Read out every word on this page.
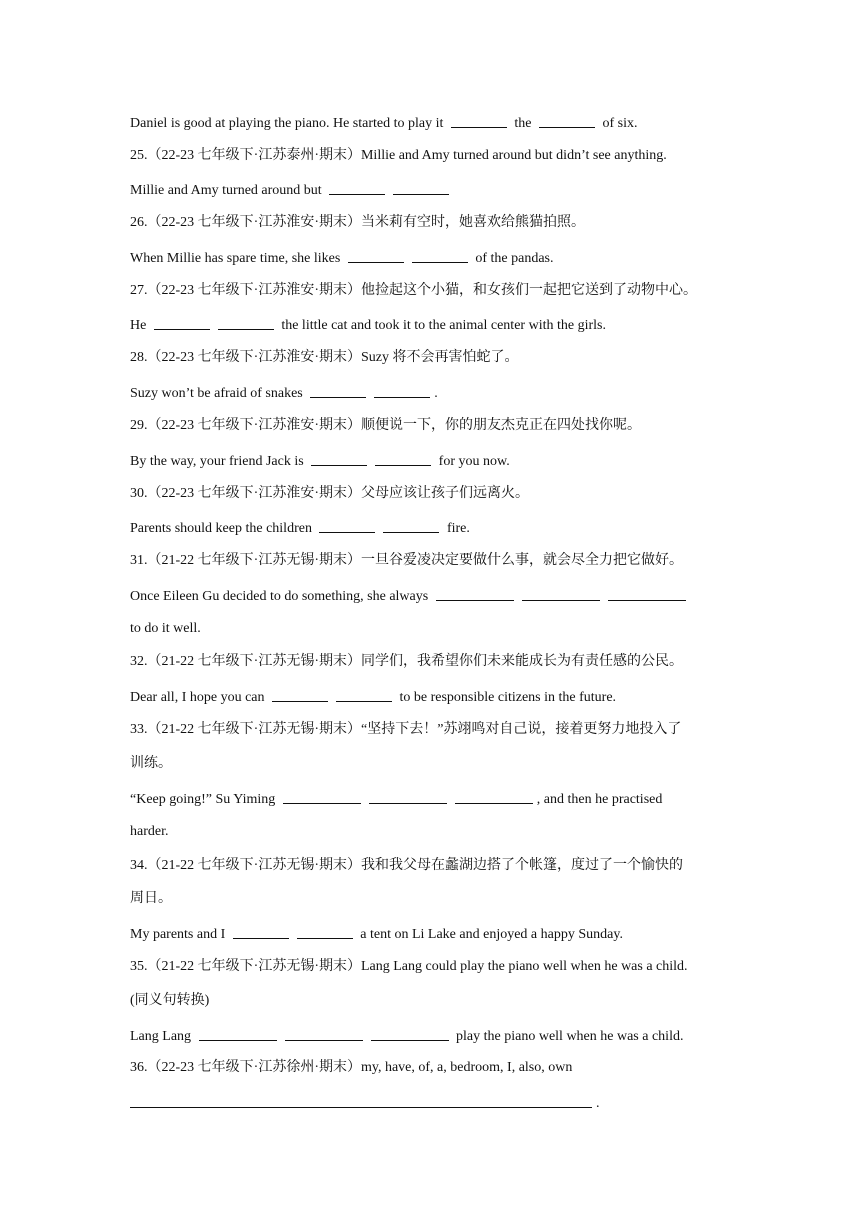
Daniel is good at playing the piano. He started to play it	the	of six.
25.（22-23 七年级下·江苏泰州·期末）Millie and Amy turned around but didn’t see anything.
Millie and Amy turned around but
26.（22-23 七年级下·江苏淮安·期末）当米莉有空时，她喜欢给熊猫拍照。
When Millie has spare time, she likes	of the pandas.
27.（22-23 七年级下·江苏淮安·期末）他捡起这个小猫，和女孩们一起把它送到了动物中心。
He	the little cat and took it to the animal center with the girls.
28.（22-23 七年级下·江苏淮安·期末）Suzy 将不会再害怕蛇了。
Suzy won’t be afraid of snakes	.
29.（22-23 七年级下·江苏淮安·期末）顺便说一下，你的朋友杰克正在四处找你呢。
By the way, your friend Jack is	for you now.
30.（22-23 七年级下·江苏淮安·期末）父母应该让孩子们远离火。
Parents should keep the children	fire.
31.（21-22 七年级下·江苏无锡·期末）一旦谷爱凌决定要做什么事，就会尽全力把它做好。
Once Eileen Gu decided to do something, she always
to do it well.
32.（21-22 七年级下·江苏无锡·期末）同学们，我希望你们未来能成长为有责任感的公民。
Dear all, I hope you can	to be responsible citizens in the future.
33.（21-22 七年级下·江苏无锡·期末）“坚持下去！”苏翊鸣对自己说，接着更努力地投入了
训练。
“Keep going!” Su Yiming	, and then he practised
harder.
34.（21-22 七年级下·江苏无锡·期末）我和我父母在蠡湖边搭了个帐篷，度过了一个愉快的
周日。
My parents and I	a tent on Li Lake and enjoyed a happy Sunday.
35.（21-22 七年级下·江苏无锡·期末）Lang Lang could play the piano well when he was a child.
(同义句转换)
Lang Lang	play the piano well when he was a child.
36.（22-23 七年级下·江苏徐州·期末）my, have, of, a, bedroom, I, also, own
.
